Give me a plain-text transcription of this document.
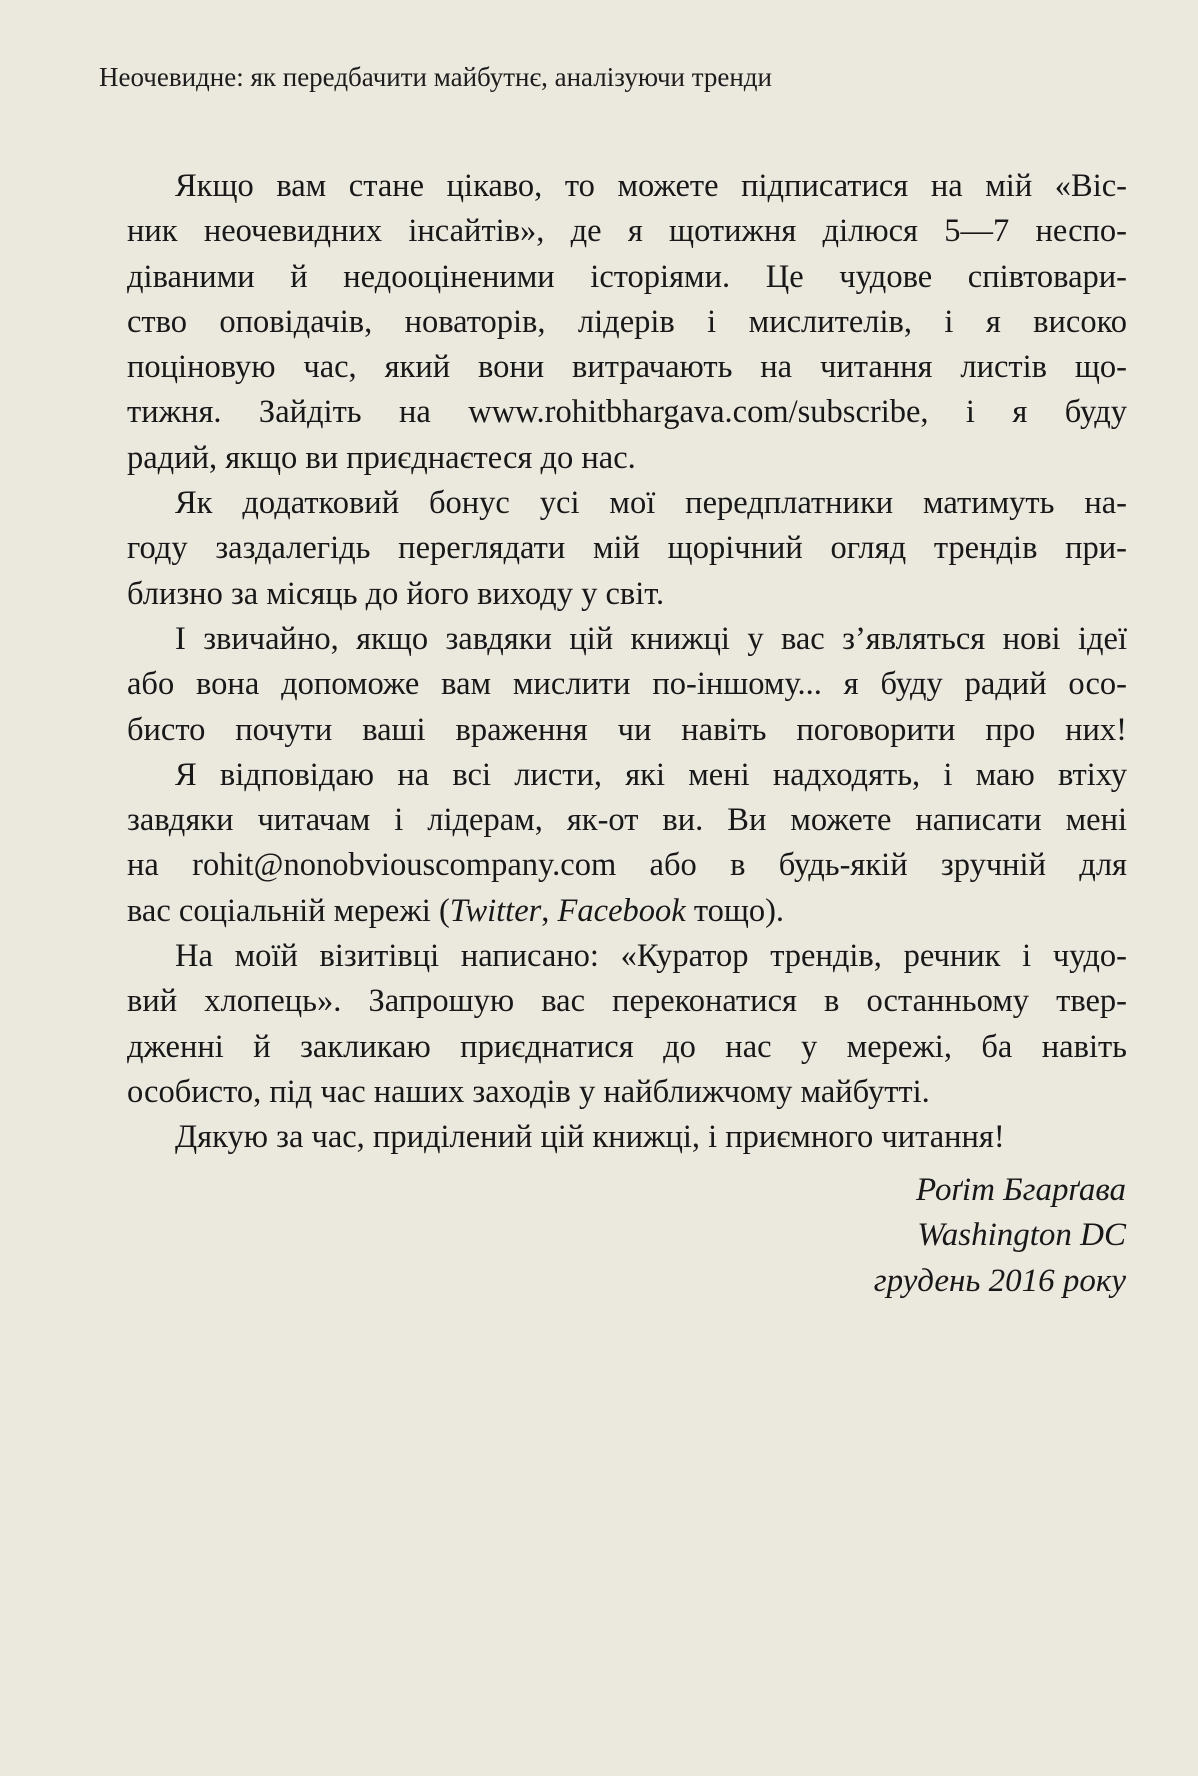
Неочевидне: як передбачити майбутнє, аналізуючи тренди
Якщо вам стане цікаво, то можете підписатися на мій «Віс-
ник неочевидних інсайтів», де я щотижня ділюся 5—7 неспо-
діваними й недооціненими історіями. Це чудове співтовари-
ство оповідачів, новаторів, лідерів і мислителів, і я високо
поціновую час, який вони витрачають на читання листів що-
тижня. Зайдіть на www.rohitbhargava.com/subscribe, і я буду
радий, якщо ви приєднаєтеся до нас.
Як додатковий бонус усі мої передплатники матимуть на-
году заздалегідь переглядати мій щорічний огляд трендів при-
близно за місяць до його виходу у світ.
І звичайно, якщо завдяки цій книжці у вас з’являться нові ідеї
або вона допоможе вам мислити по-іншому... я буду радий осо-
бисто почути ваші враження чи навіть поговорити про них!
Я відповідаю на всі листи, які мені надходять, і маю втіху
завдяки читачам і лідерам, як-от ви. Ви можете написати мені
на rohit@nonobviouscompany.com або в будь-якій зручній для
вас соціальній мережі (Twitter, Facebook тощо).
На моїй візитівці написано: «Куратор трендів, речник і чудо-
вий хлопець». Запрошую вас переконатися в останньому твер-
дженні й закликаю приєднатися до нас у мережі, ба навіть
особисто, під час наших заходів у найближчому майбутті.
Дякую за час, приділений цій книжці, і приємного читання!
Роґіт Бгарґава
Washington DC
грудень 2016 року
